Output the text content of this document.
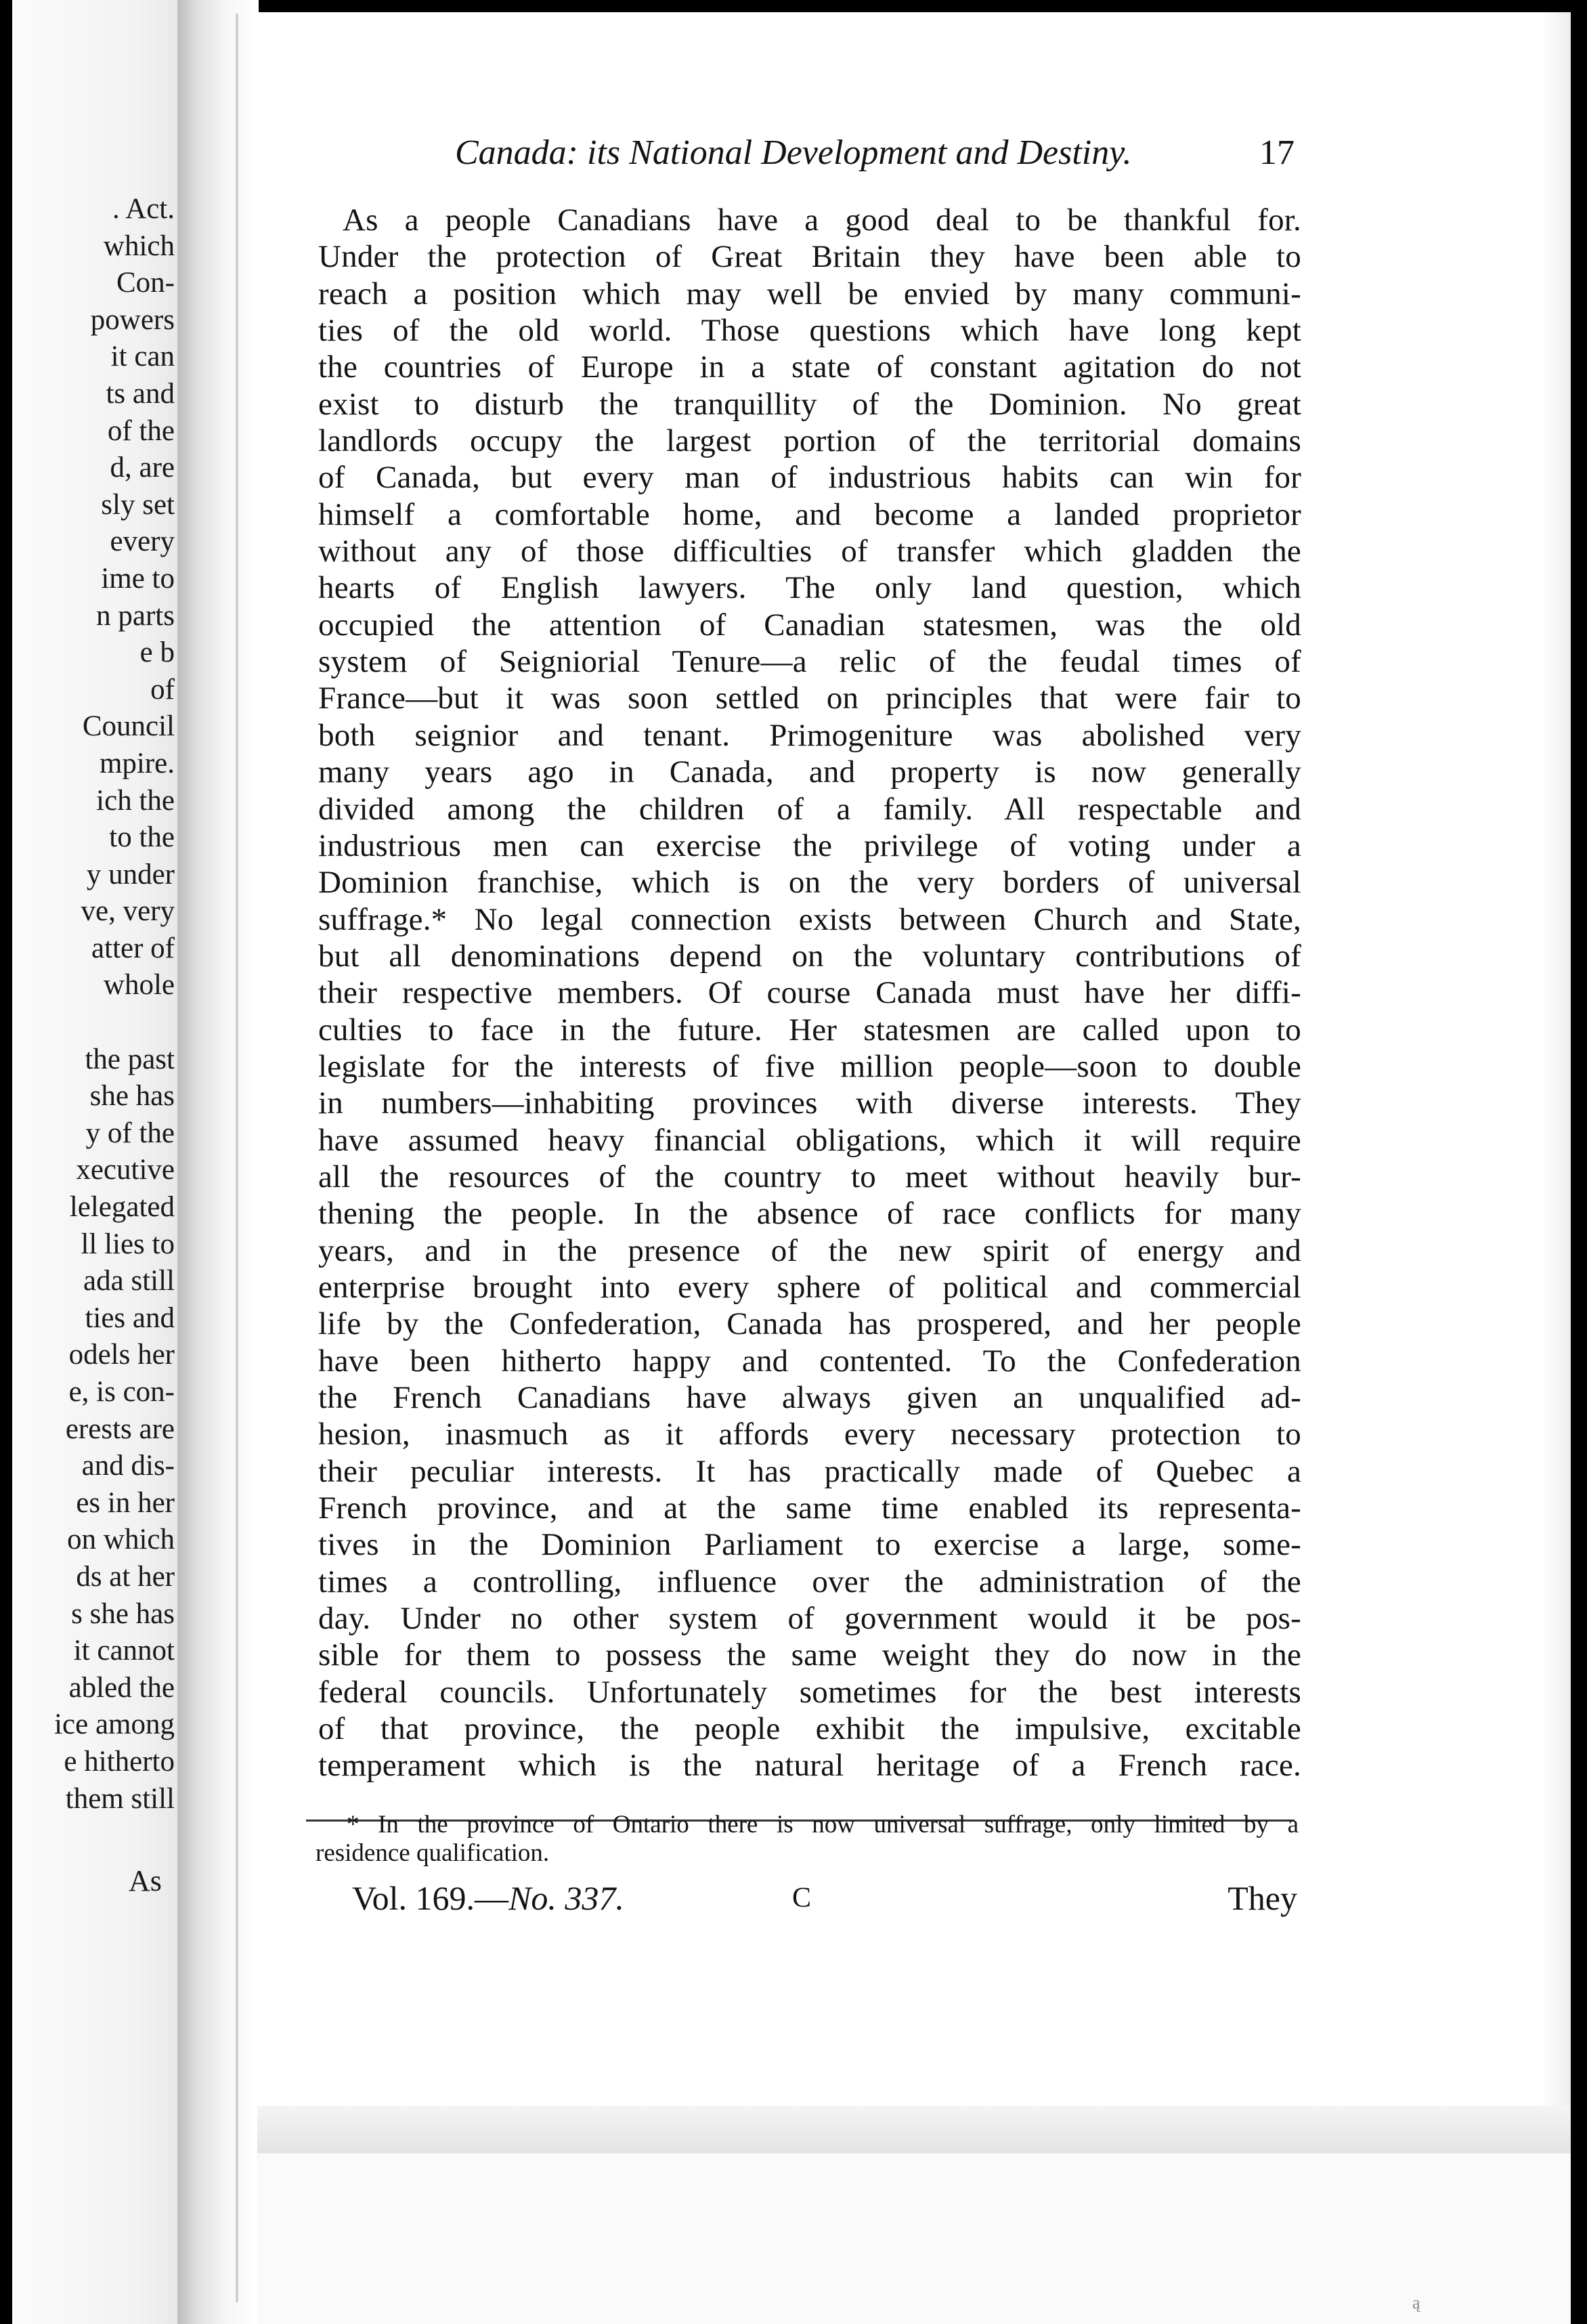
. Act.
which
Con-
powers
it can
ts and
of the
d, are
sly set
every
ime to
n parts
e b
of
Council
mpire.
ich the
to the
y under
ve, very
atter of
whole
the past
she has
y of the
xecutive
lelegated
ll lies to
ada still
ties and
odels her
e, is con-
erests are
and dis-
es in her
on which
ds at her
s she has
it cannot
abled the
ice among
e hitherto
them still
As
ą
Canada: its National Development and Destiny.	17
As a people Canadians have a good deal to be thankful for.
Under the protection of Great Britain they have been able to
reach a position which may well be envied by many communi-
ties of the old world. Those questions which have long kept
the countries of Europe in a state of constant agitation do not
exist to disturb the tranquillity of the Dominion. No great
landlords occupy the largest portion of the territorial domains
of Canada, but every man of industrious habits can win for
himself a comfortable home, and become a landed proprietor
without any of those difficulties of transfer which gladden the
hearts of English lawyers. The only land question, which
occupied the attention of Canadian statesmen, was the old
system of Seigniorial Tenure—a relic of the feudal times of
France—but it was soon settled on principles that were fair to
both seignior and tenant. Primogeniture was abolished very
many years ago in Canada, and property is now generally
divided among the children of a family. All respectable and
industrious men can exercise the privilege of voting under a
Dominion franchise, which is on the very borders of universal
suffrage.* No legal connection exists between Church and State,
but all denominations depend on the voluntary contributions of
their respective members. Of course Canada must have her diffi-
culties to face in the future. Her statesmen are called upon to
legislate for the interests of five million people—soon to double
in numbers—inhabiting provinces with diverse interests. They
have assumed heavy financial obligations, which it will require
all the resources of the country to meet without heavily bur-
thening the people. In the absence of race conflicts for many
years, and in the presence of the new spirit of energy and
enterprise brought into every sphere of political and commercial
life by the Confederation, Canada has prospered, and her people
have been hitherto happy and contented. To the Confederation
the French Canadians have always given an unqualified ad-
hesion, inasmuch as it affords every necessary protection to
their peculiar interests. It has practically made of Quebec a
French province, and at the same time enabled its representa-
tives in the Dominion Parliament to exercise a large, some-
times a controlling, influence over the administration of the
day. Under no other system of government would it be pos-
sible for them to possess the same weight they do now in the
federal councils. Unfortunately sometimes for the best interests
of that province, the people exhibit the impulsive, excitable
temperament which is the natural heritage of a French race.
* In the province of Ontario there is now universal suffrage, only limited by a
residence qualification.
Vol. 169.—No. 337.	C	They
